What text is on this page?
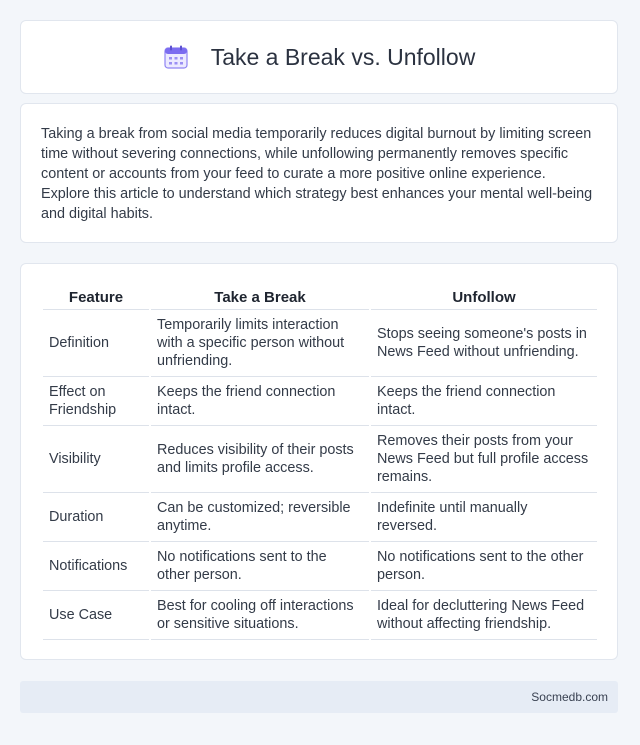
Take a Break vs. Unfollow

Taking a break from social media temporarily reduces digital burnout by limiting screen time without severing connections, while unfollowing permanently removes specific content or accounts from your feed to curate a more positive online experience. Explore this article to understand which strategy best enhances your mental well-being and digital habits.

Feature	Take a Break	Unfollow
Definition	Temporarily limits interaction with a specific person without unfriending.	Stops seeing someone's posts in News Feed without unfriending.
Effect on Friendship	Keeps the friend connection intact.	Keeps the friend connection intact.
Visibility	Reduces visibility of their posts and limits profile access.	Removes their posts from your News Feed but full profile access remains.
Duration	Can be customized; reversible anytime.	Indefinite until manually reversed.
Notifications	No notifications sent to the other person.	No notifications sent to the other person.
Use Case	Best for cooling off interactions or sensitive situations.	Ideal for decluttering News Feed without affecting friendship.
Socmedb.com
